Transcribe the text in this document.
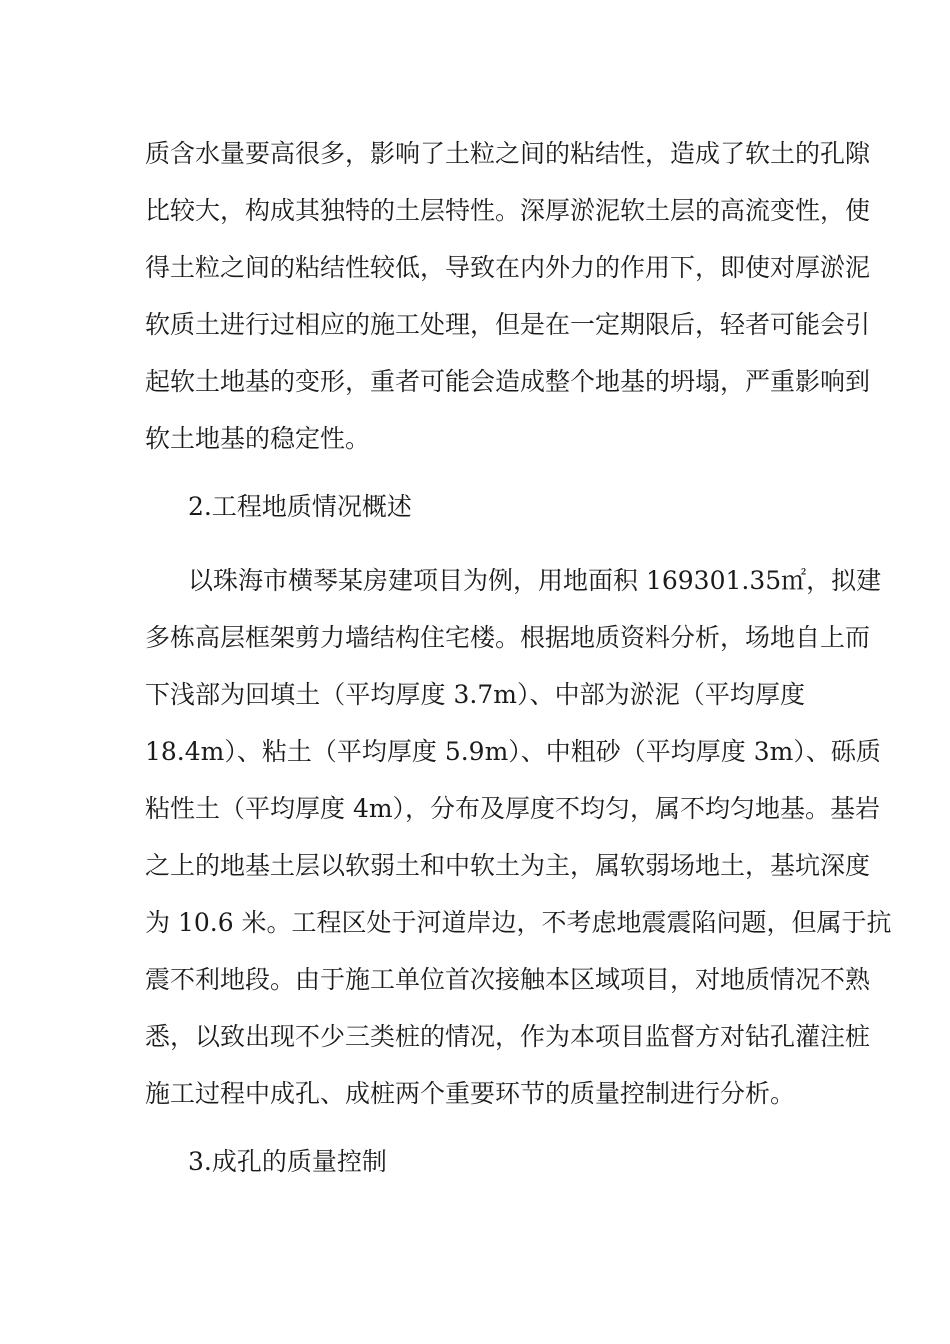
质含水量要高很多，影响了土粒之间的粘结性，造成了软土的孔隙
比较大，构成其独特的土层特性。深厚淤泥软土层的高流变性，使
得土粒之间的粘结性较低，导致在内外力的作用下，即使对厚淤泥
软质土进行过相应的施工处理，但是在一定期限后，轻者可能会引
起软土地基的变形，重者可能会造成整个地基的坍塌，严重影响到
软土地基的稳定性。
2.工程地质情况概述
以珠海市横琴某房建项目为例，用地面积 169301.35㎡，拟建
多栋高层框架剪力墙结构住宅楼。根据地质资料分析，场地自上而
下浅部为回填土（平均厚度 3.7m）、中部为淤泥（平均厚度
18.4m）、粘土（平均厚度 5.9m）、中粗砂（平均厚度 3m）、砾质
粘性土（平均厚度 4m），分布及厚度不均匀，属不均匀地基。基岩
之上的地基土层以软弱土和中软土为主，属软弱场地土，基坑深度
为 10.6 米。工程区处于河道岸边，不考虑地震震陷问题，但属于抗
震不利地段。由于施工单位首次接触本区域项目，对地质情况不熟
悉，以致出现不少三类桩的情况，作为本项目监督方对钻孔灌注桩
施工过程中成孔、成桩两个重要环节的质量控制进行分析。
3.成孔的质量控制
